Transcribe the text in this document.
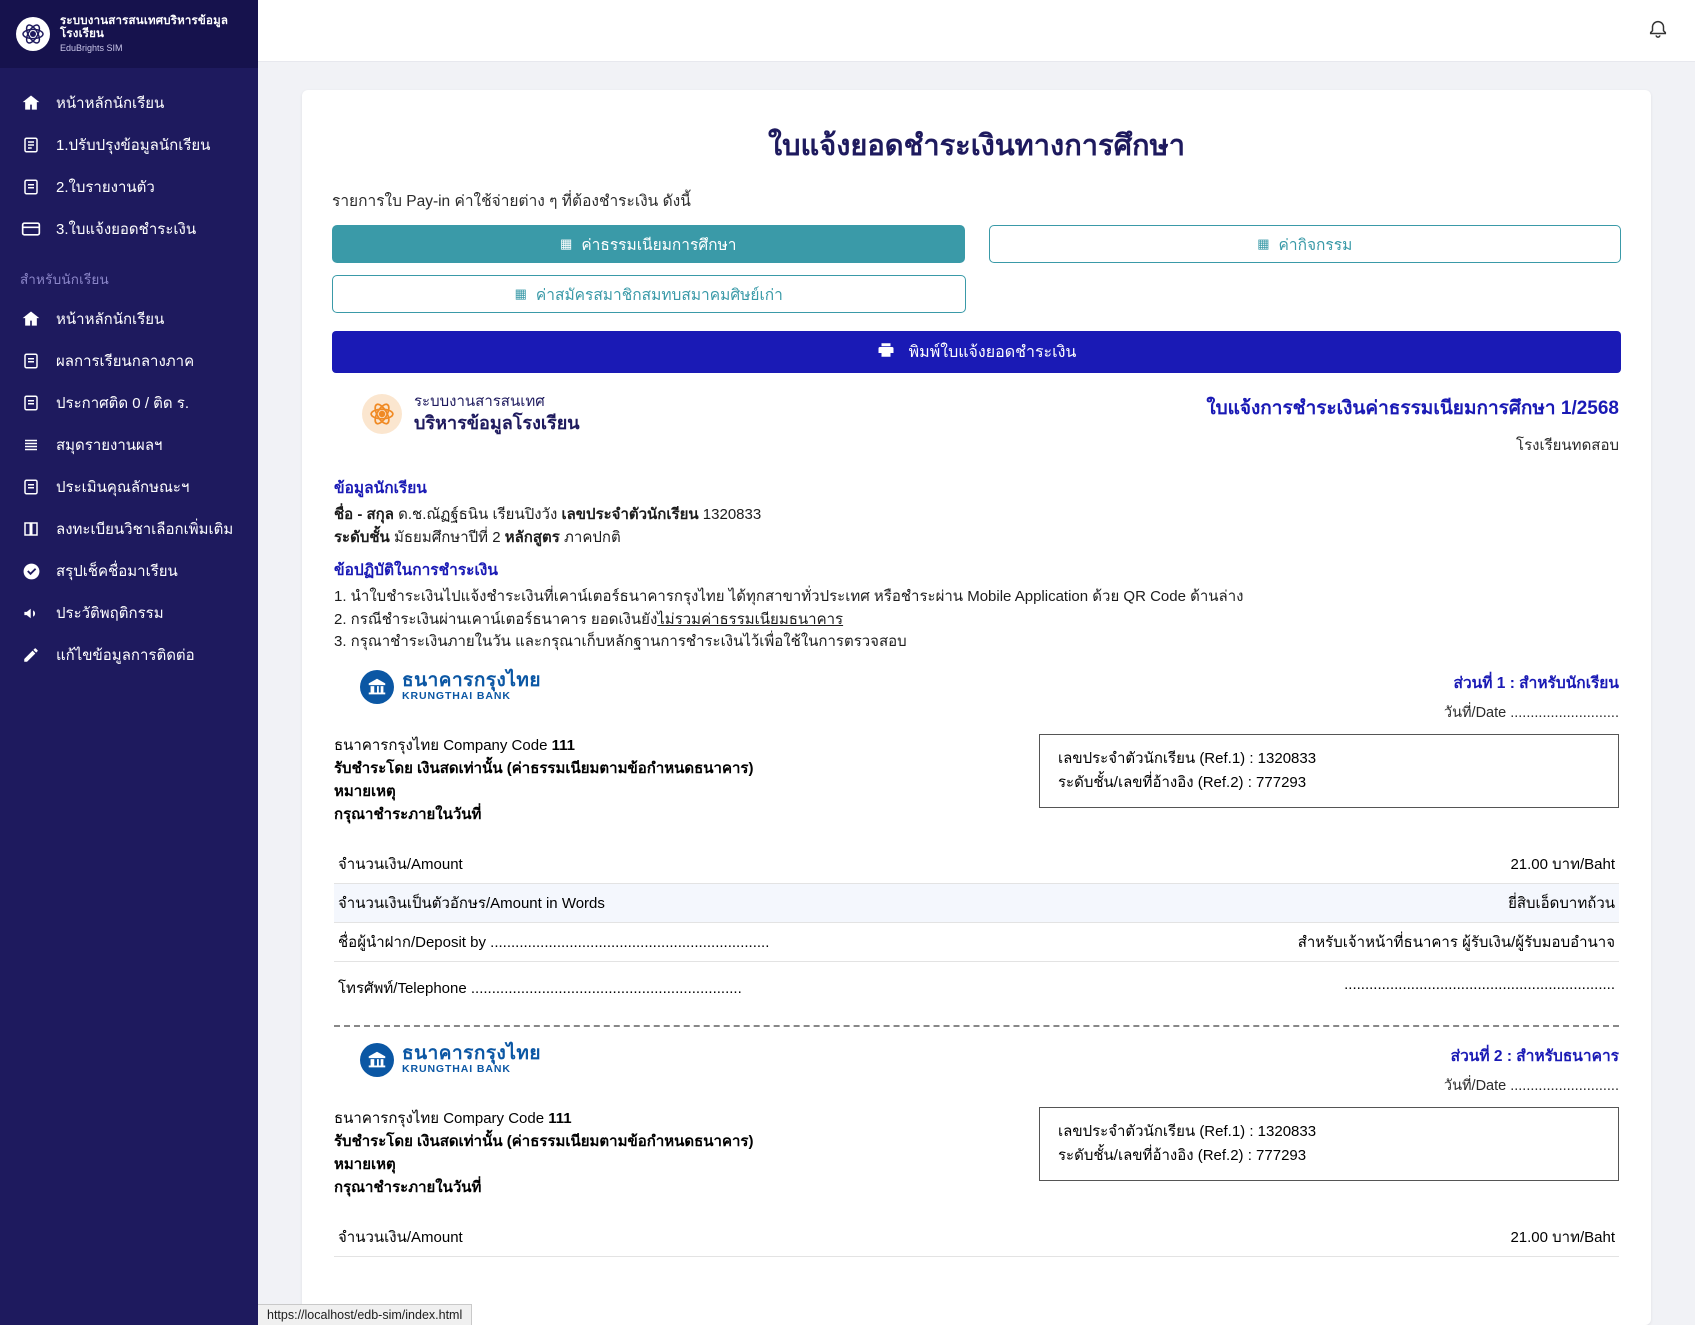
ระบบงานสารสนเทศบริหารข้อมูลโรงเรียน
EduBrights SIM
หน้าหลักนักเรียน
1.ปรับปรุงข้อมูลนักเรียน
2.ใบรายงานตัว
3.ใบแจ้งยอดชำระเงิน
สำหรับนักเรียน
หน้าหลักนักเรียน
ผลการเรียนกลางภาค
ประกาศติด 0 / ติด ร.
สมุดรายงานผลฯ
ประเมินคุณลักษณะฯ
ลงทะเบียนวิชาเลือกเพิ่มเติม
สรุปเช็คชื่อมาเรียน
ประวัติพฤติกรรม
แก้ไขข้อมูลการติดต่อ
ใบแจ้งยอดชำระเงินทางการศึกษา
รายการใบ Pay-in ค่าใช้จ่ายต่าง ๆ ที่ต้องชำระเงิน ดังนี้
▦ ค่าธรรมเนียมการศึกษา	▦ ค่ากิจกรรม
▦ ค่าสมัครสมาชิกสมทบสมาคมศิษย์เก่า
พิมพ์ใบแจ้งยอดชำระเงิน
ระบบงานสารสนเทศ
บริหารข้อมูลโรงเรียน
ใบแจ้งการชำระเงินค่าธรรมเนียมการศึกษา 1/2568
โรงเรียนทดสอบ
ข้อมูลนักเรียน
ชื่อ - สกุล ด.ช.ณัฏฐ์ธนิน เรียนปิงวัง เลขประจำตัวนักเรียน 1320833
ระดับชั้น มัธยมศึกษาปีที่ 2 หลักสูตร ภาคปกติ
ข้อปฏิบัติในการชำระเงิน
1. นำใบชำระเงินไปแจ้งชำระเงินที่เคาน์เตอร์ธนาคารกรุงไทย ได้ทุกสาขาทั่วประเทศ หรือชำระผ่าน Mobile Application ด้วย QR Code ด้านล่าง
2. กรณีชำระเงินผ่านเคาน์เตอร์ธนาคาร ยอดเงินยังไม่รวมค่าธรรมเนียมธนาคาร
3. กรุณาชำระเงินภายในวัน และกรุณาเก็บหลักฐานการชำระเงินไว้เพื่อใช้ในการตรวจสอบ
ธนาคารกรุงไทย
KRUNGTHAI BANK
ส่วนที่ 1 : สำหรับนักเรียน
วันที่/Date ...........................
ธนาคารกรุงไทย Company Code 111
รับชำระโดย เงินสดเท่านั้น (ค่าธรรมเนียมตามข้อกำหนดธนาคาร)
หมายเหตุ
กรุณาชำระภายในวันที่
เลขประจำตัวนักเรียน (Ref.1) : 1320833
ระดับชั้น/เลขที่อ้างอิง (Ref.2) : 777293
จำนวนเงิน/Amount	21.00 บาท/Baht
จำนวนเงินเป็นตัวอักษร/Amount in Words	ยี่สิบเอ็ดบาทถ้วน
ชื่อผู้นำฝาก/Deposit by ...................................................................	สำหรับเจ้าหน้าที่ธนาคาร ผู้รับเงิน/ผู้รับมอบอำนาจ
โทรศัพท์/Telephone .................................................................	.................................................................
ธนาคารกรุงไทย
KRUNGTHAI BANK
ส่วนที่ 2 : สำหรับธนาคาร
วันที่/Date ...........................
ธนาคารกรุงไทย Compary Code 111
รับชำระโดย เงินสดเท่านั้น (ค่าธรรมเนียมตามข้อกำหนดธนาคาร)
หมายเหตุ
กรุณาชำระภายในวันที่
เลขประจำตัวนักเรียน (Ref.1) : 1320833
ระดับชั้น/เลขที่อ้างอิง (Ref.2) : 777293
จำนวนเงิน/Amount	21.00 บาท/Baht
https://localhost/edb-sim/index.html
